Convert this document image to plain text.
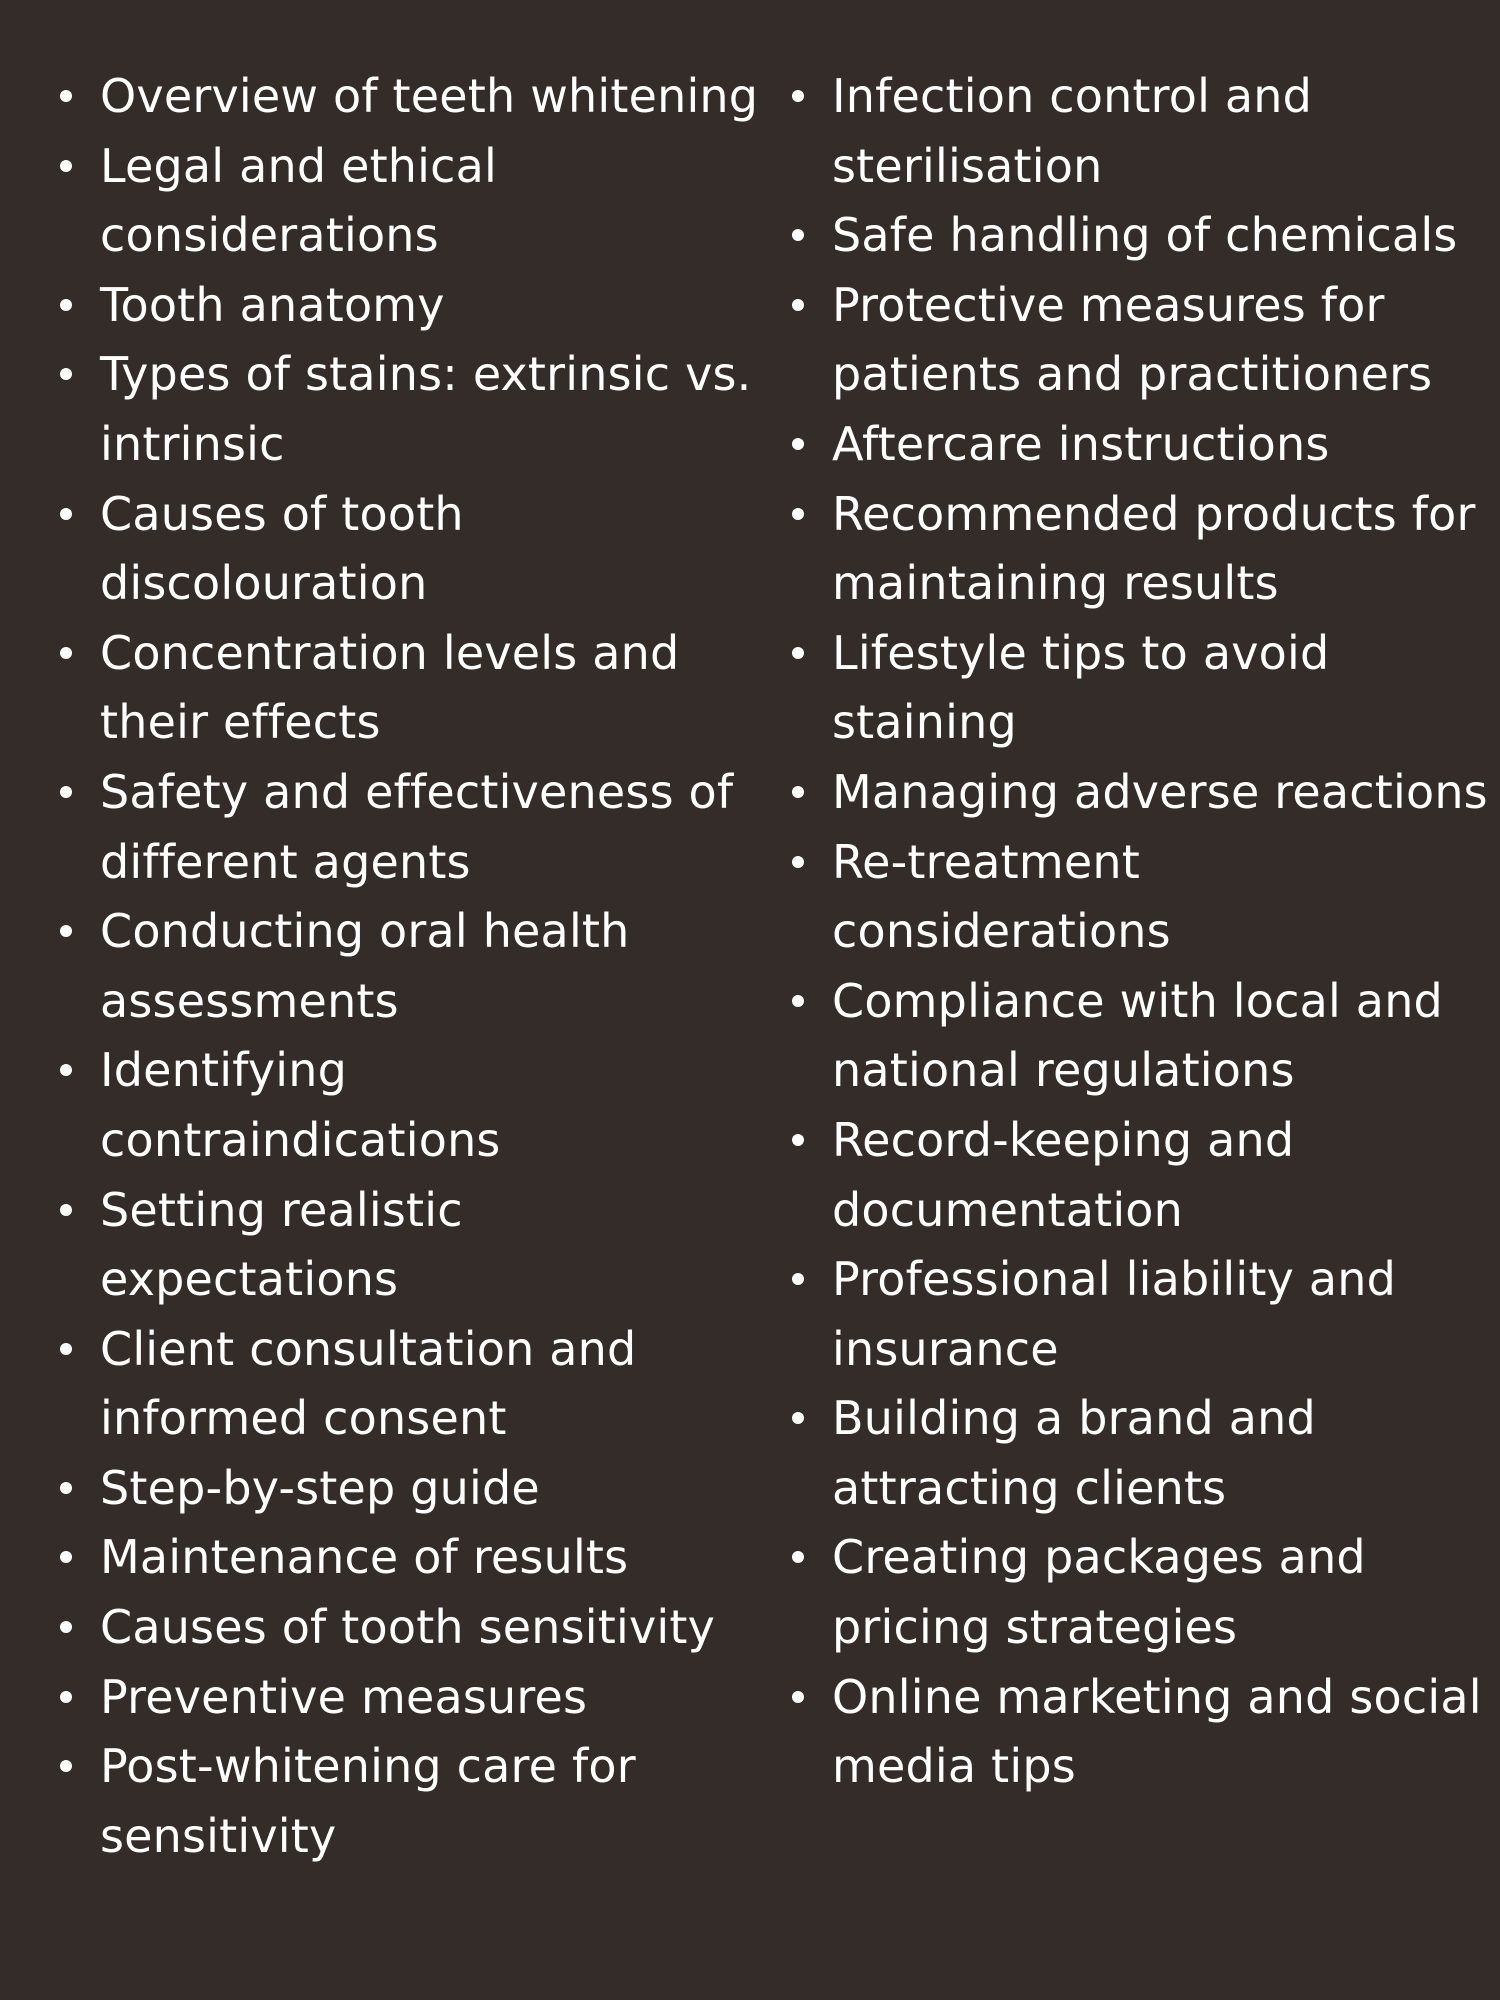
Overview of teeth whitening
Legal and ethical considerations
Tooth anatomy
Types of stains: extrinsic vs. intrinsic
Causes of tooth discolouration
Concentration levels and their effects
Safety and effectiveness of different agents
Conducting oral health assessments
Identifying contraindications
Setting realistic expectations
Client consultation and informed consent
Step-by-step guide
Maintenance of results
Causes of tooth sensitivity
Preventive measures
Post-whitening care for sensitivity
Infection control and sterilisation
Safe handling of chemicals
Protective measures for patients and practitioners
Aftercare instructions
Recommended products for maintaining results
Lifestyle tips to avoid staining
Managing adverse reactions
Re-treatment considerations
Compliance with local and national regulations
Record-keeping and documentation
Professional liability and insurance
Building a brand and attracting clients
Creating packages and pricing strategies
Online marketing and social media tips
